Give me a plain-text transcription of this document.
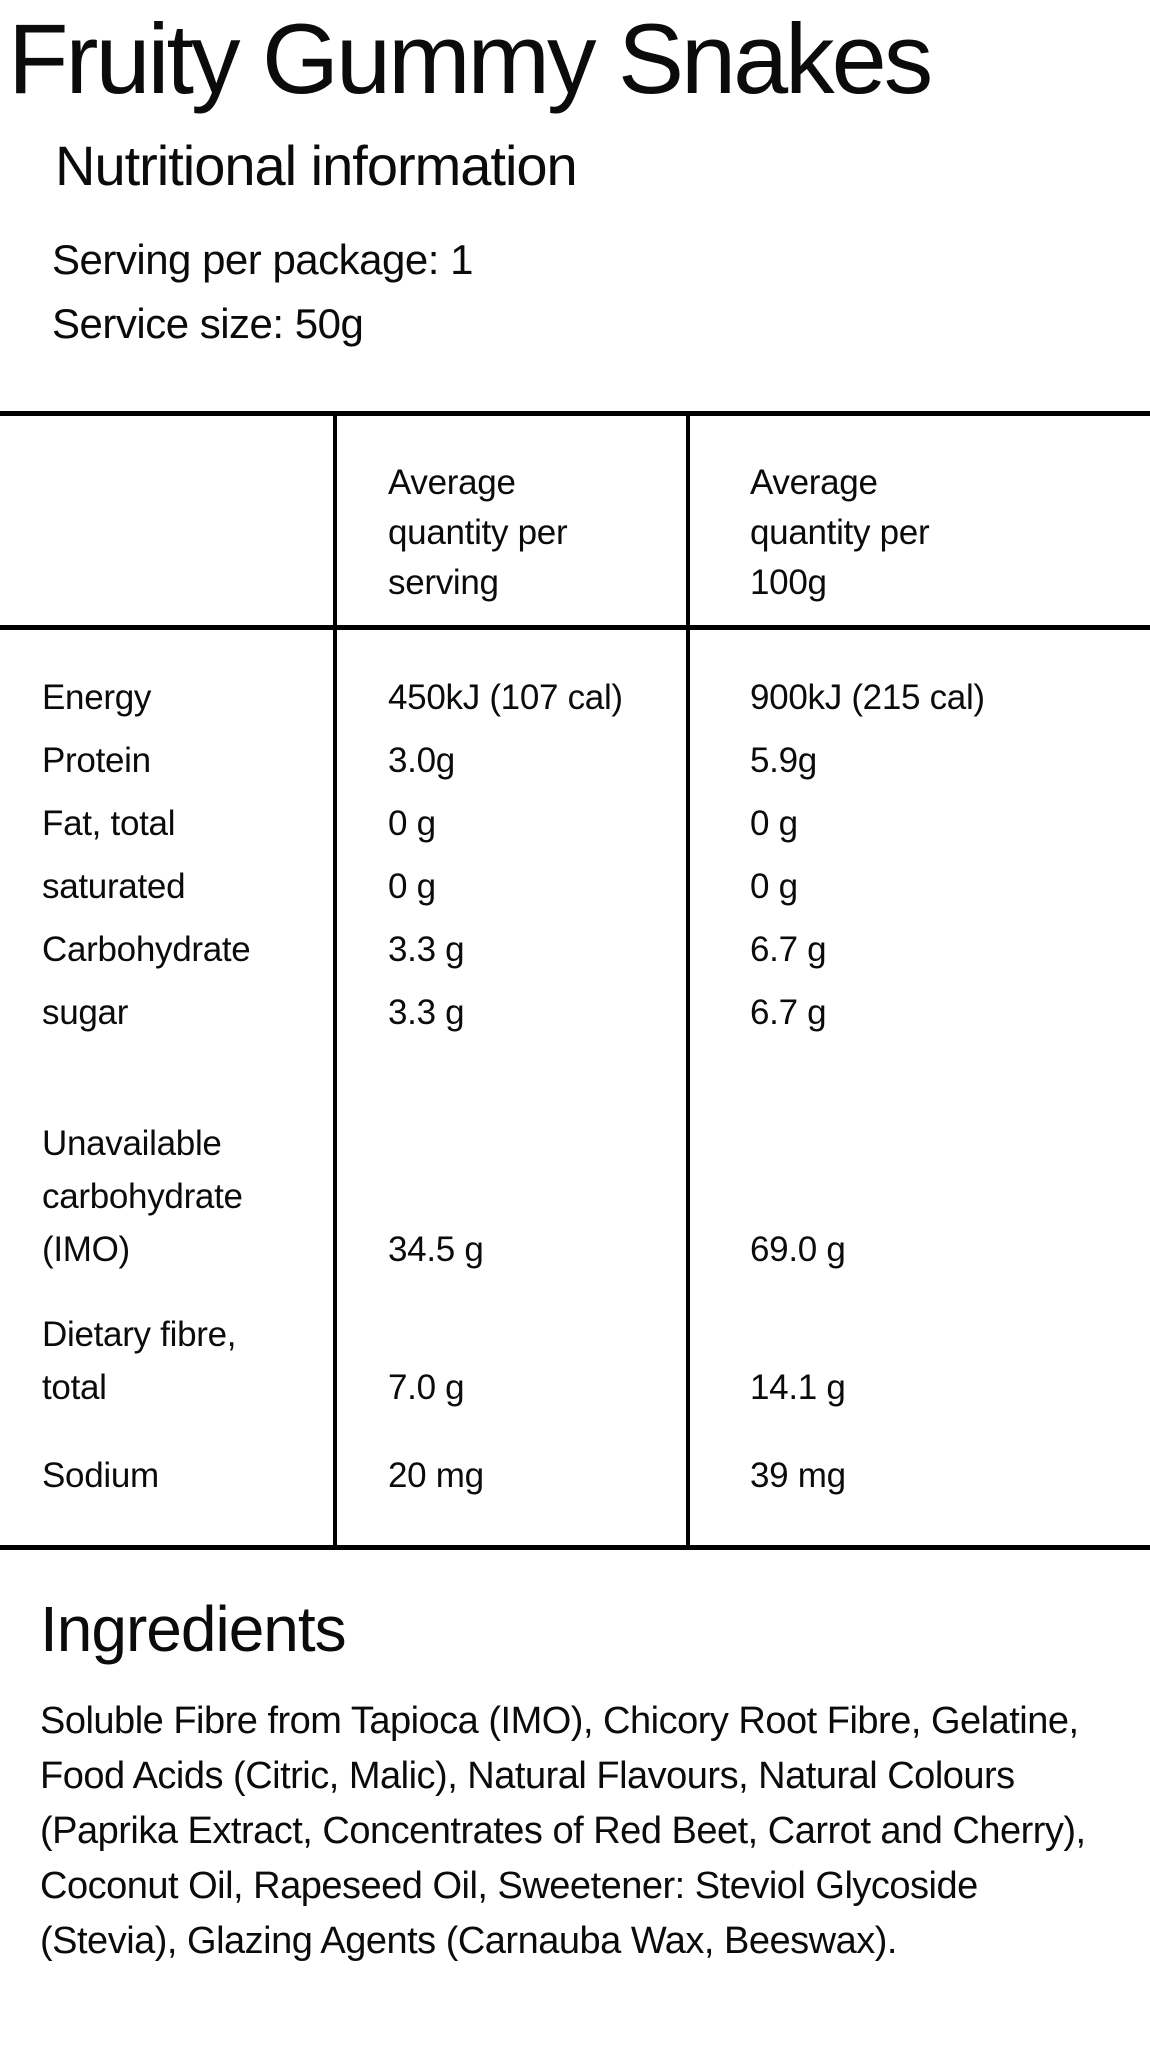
Fruity Gummy Snakes
Nutritional information
Serving per package: 1
Service size: 50g
Average quantity per serving
Average quantity per 100g
Energy	450kJ (107 cal)	900kJ (215 cal)
Protein	3.0g	5.9g
Fat, total	0 g	0 g
saturated	0 g	0 g
Carbohydrate	3.3 g	6.7 g
sugar	3.3 g	6.7 g
Unavailable carbohydrate (IMO)	34.5 g	69.0 g
Dietary fibre, total	7.0 g	14.1 g
Sodium	20 mg	39 mg
Ingredients

Soluble Fibre from Tapioca (IMO), Chicory Root Fibre, Gelatine, Food Acids (Citric, Malic), Natural Flavours, Natural Colours (Paprika Extract, Concentrates of Red Beet, Carrot and Cherry), Coconut Oil, Rapeseed Oil, Sweetener: Steviol Glycoside (Stevia), Glazing Agents (Carnauba Wax, Beeswax).
